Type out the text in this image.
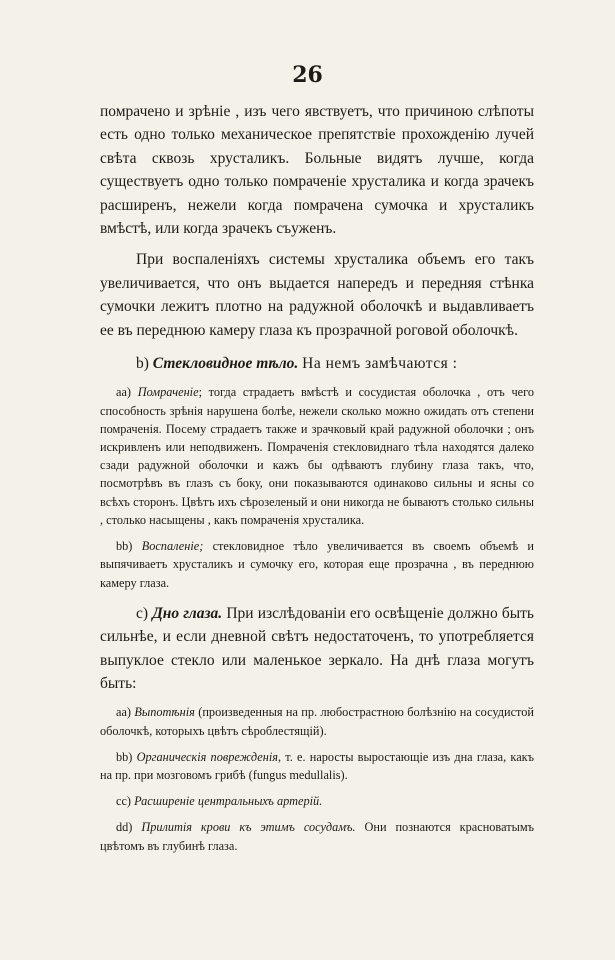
26

помрачено и зрѣніе , изъ чего явствуетъ, что причиною слѣпоты есть одно только механическое препятствіе прохожденію лучей свѣта сквозь хрусталикъ. Больные видятъ лучше, когда существуетъ одно только помраченіе хрусталика и когда зрачекъ расширенъ, нежели когда помрачена сумочка и хрусталикъ вмѣстѣ, или когда зрачекъ съуженъ.

При воспаленіяхъ системы хрусталика объемъ его такъ увеличивается, что онъ выдается напередъ и передняя стѣнка сумочки лежитъ плотно на радужной оболочкѣ и выдавливаетъ ее въ переднюю камеру глаза къ прозрачной роговой оболочкѣ.

b) Стекловидное тѣло. На немъ замѣчаются :

aa) Помраченіе; тогда страдаетъ вмѣстѣ и сосудистая оболочка , отъ чего способность зрѣнія нарушена болѣе, нежели сколько можно ожидать отъ степени помраченія. Посему страдаетъ также и зрачковый край радужной оболочки ; онъ искривленъ или неподвиженъ. Помраченія стекловиднаго тѣла находятся далеко сзади радужной оболочки и кажъ бы одѣваютъ глубину глаза такъ, что, посмотрѣвъ въ глазъ съ боку, они показываются одинаково сильны и ясны со всѣхъ сторонъ. Цвѣтъ ихъ сѣрозеленый и они никогда не бываютъ столько сильны , столько насыщены , какъ помраченія хрусталика.

bb) Воспаленіе; стекловидное тѣло увеличивается въ своемъ объемѣ и выпячиваетъ хрусталикъ и сумочку его, которая еще прозрачна , въ переднюю камеру глаза.

c) Дно глаза. При изслѣдованіи его освѣщеніе должно быть сильнѣе, и если дневной свѣтъ недостаточенъ, то употребляется выпуклое стекло или маленькое зеркало. На днѣ глаза могутъ быть:

aa) Выпотѣнія (произведенныя на пр. любострастною болѣзнію на сосудистой оболочкѣ, которыхъ цвѣтъ сѣроблестящій).

bb) Органическія поврежденія, т. е. наросты выростающіе изъ дна глаза, какъ на пр. при мозговомъ грибѣ (fungus medullalis).

cc) Расширеніе центральныхъ артерій.

dd) Прилитія крови къ этимъ сосудамъ. Они познаются красноватымъ цвѣтомъ въ глубинѣ глаза.
